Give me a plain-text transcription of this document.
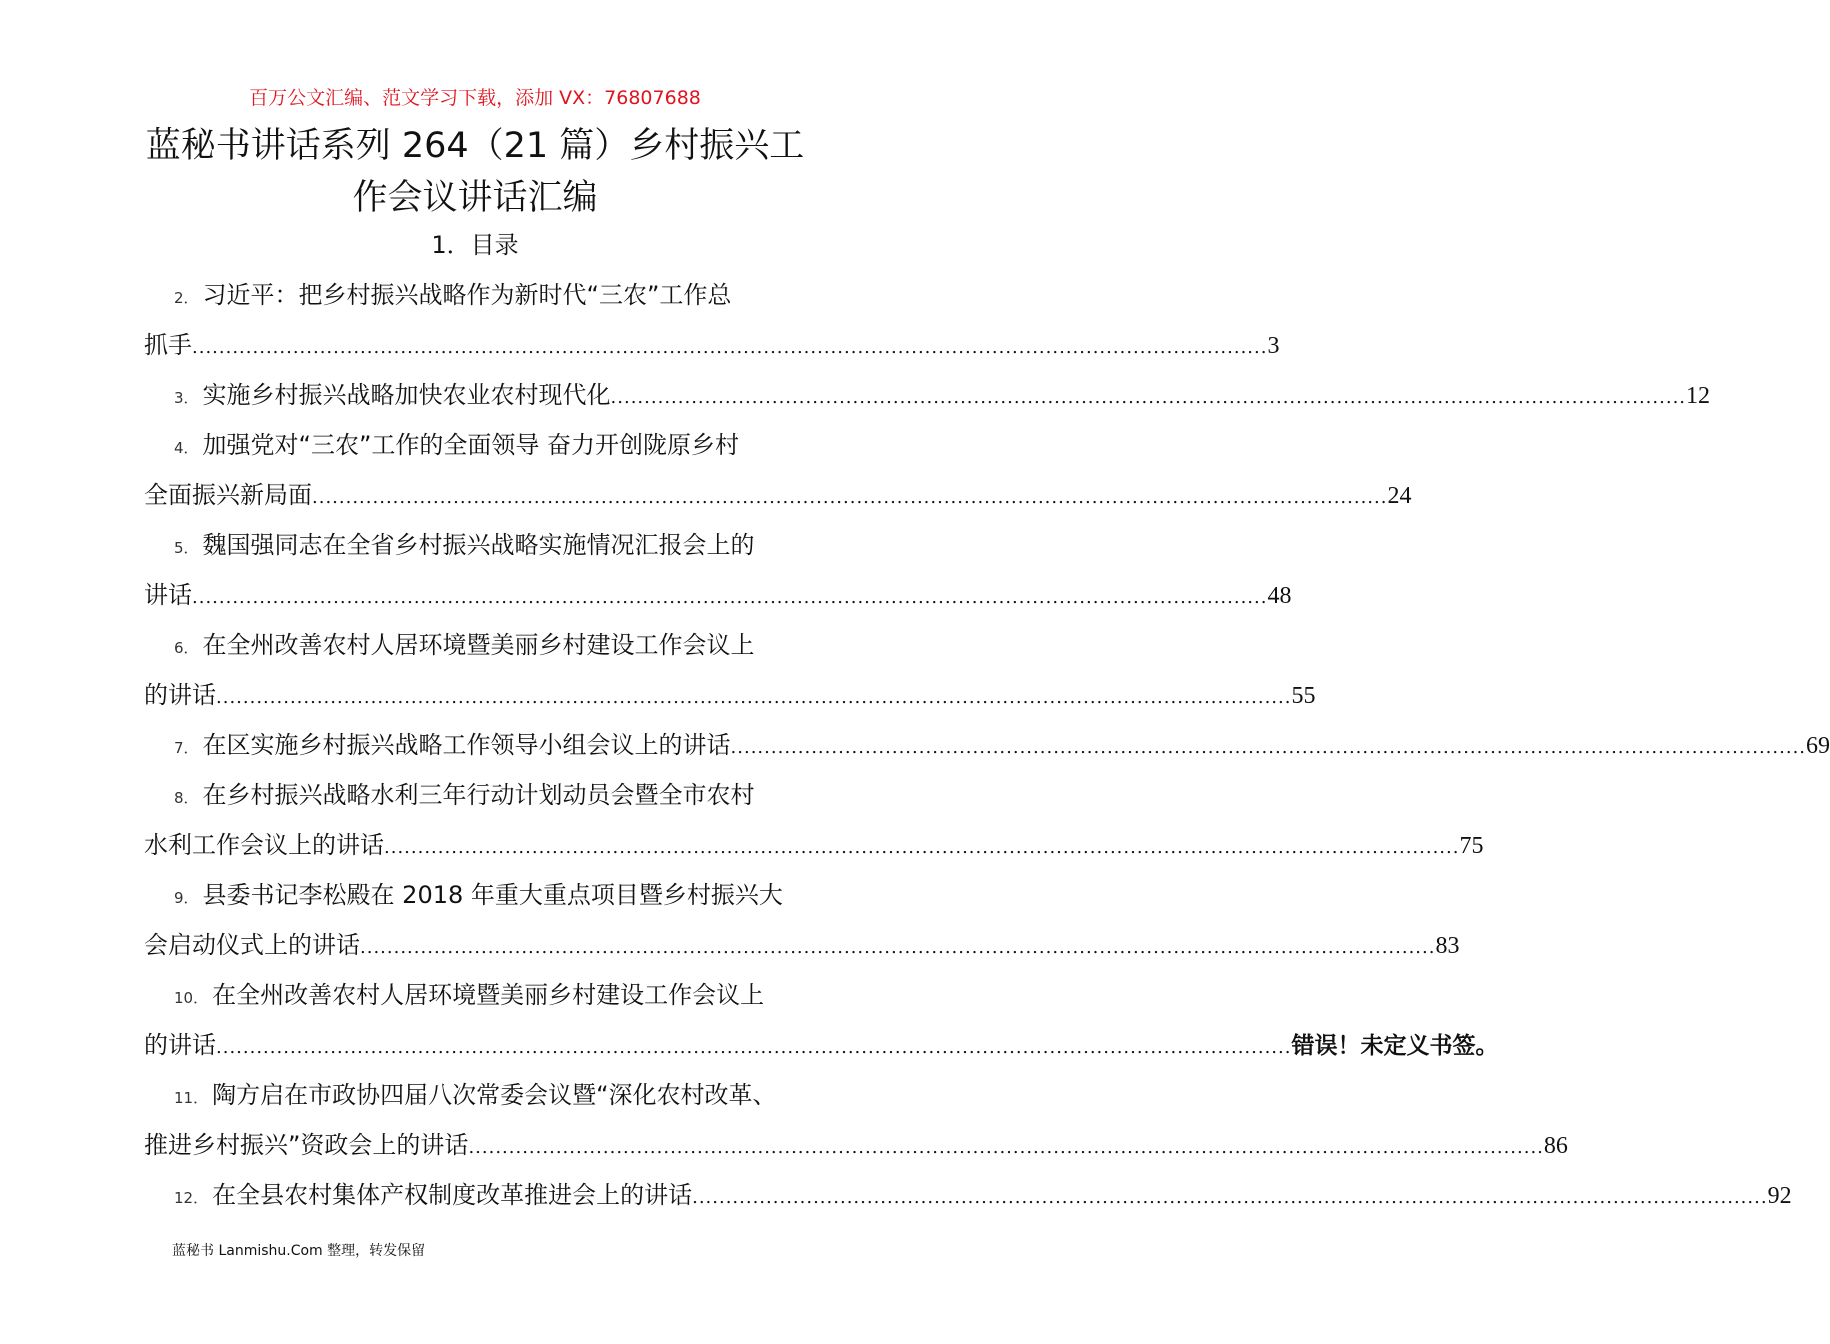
百万公文汇编、范文学习下载，添加 VX：76807688
蓝秘书讲话系列 264（21 篇）乡村振兴工
作会议讲话汇编
1．目录
2． 习近平：把乡村振兴战略作为新时代“三农”工作总
抓手 ................................................................................................................................................................ 3
3． 实施乡村振兴战略加快农业农村现代化 ................................................................................................................................................................ 12
4． 加强党对“三农”工作的全面领导 奋力开创陇原乡村
全面振兴新局面 ................................................................................................................................................................ 24
5． 魏国强同志在全省乡村振兴战略实施情况汇报会上的
讲话 ................................................................................................................................................................ 48
6． 在全州改善农村人居环境暨美丽乡村建设工作会议上
的讲话 ................................................................................................................................................................ 55
7． 在区实施乡村振兴战略工作领导小组会议上的讲话 ................................................................................................................................................................ 69
8． 在乡村振兴战略水利三年行动计划动员会暨全市农村
水利工作会议上的讲话 ................................................................................................................................................................ 75
9． 县委书记李松殿在 2018 年重大重点项目暨乡村振兴大
会启动仪式上的讲话 ................................................................................................................................................................ 83
10． 在全州改善农村人居环境暨美丽乡村建设工作会议上
的讲话 ................................................................................................................................................................ 错误！未定义书签。
11． 陶方启在市政协四届八次常委会议暨“深化农村改革、
推进乡村振兴”资政会上的讲话 ................................................................................................................................................................ 86
12． 在全县农村集体产权制度改革推进会上的讲话 ................................................................................................................................................................ 92
蓝秘书 Lanmishu.Com 整理，转发保留
